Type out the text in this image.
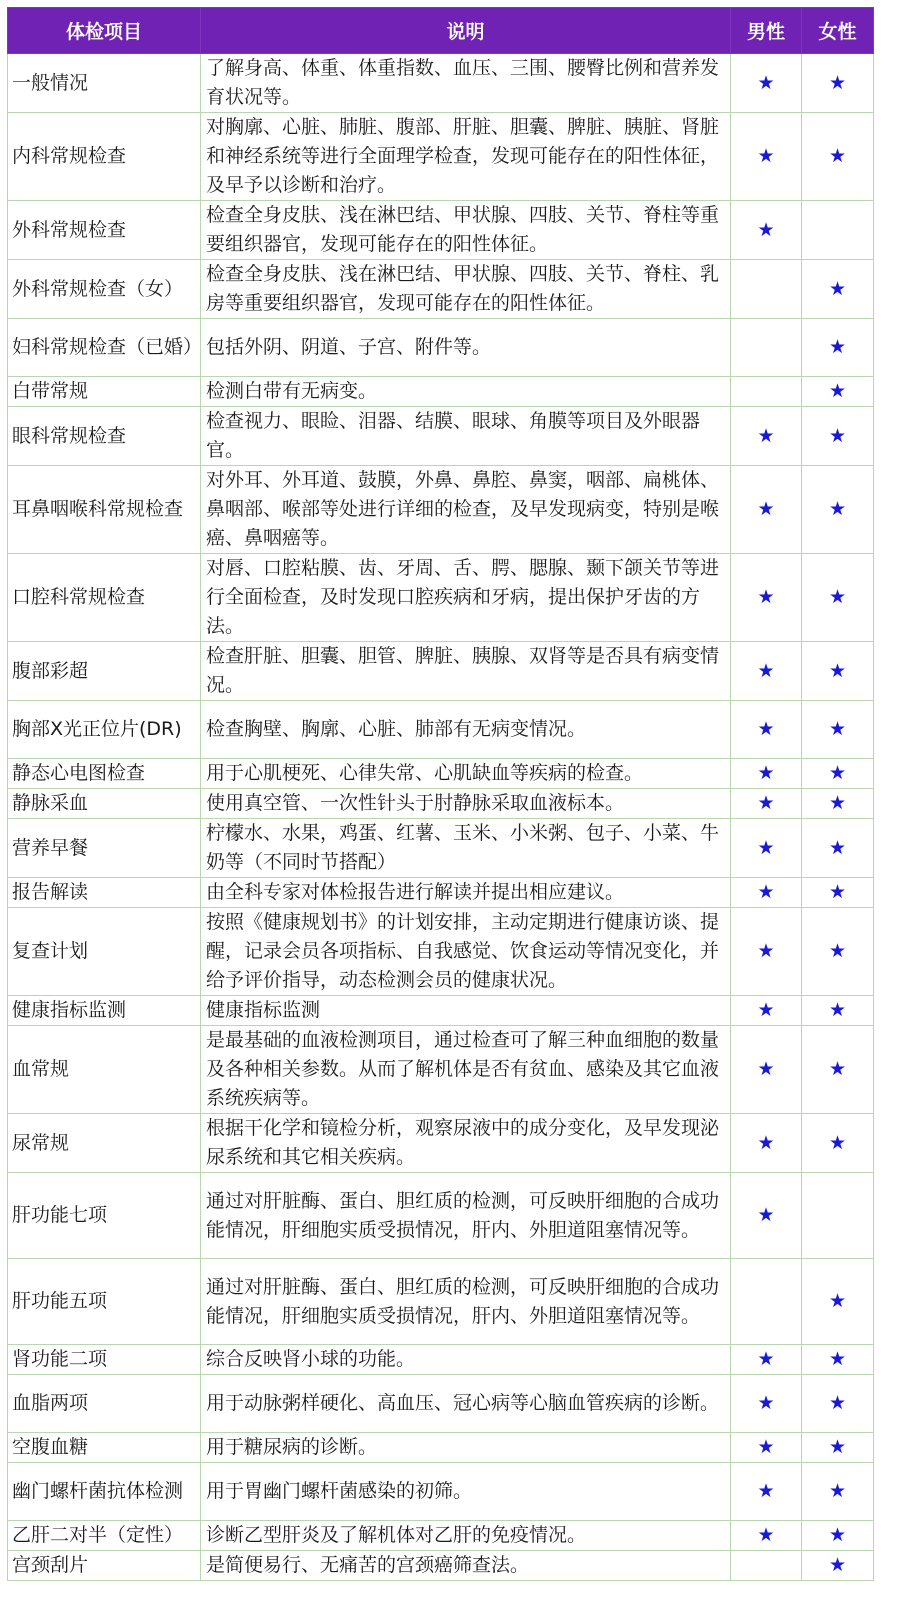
体检项目	说明	男性	女性
一般情况	了解身高、体重、体重指数、血压、三围、腰臀比例和营养发育状况等。	★	★
内科常规检查	对胸廓、心脏、肺脏、腹部、肝脏、胆囊、脾脏、胰脏、肾脏和神经系统等进行全面理学检查，发现可能存在的阳性体征，及早予以诊断和治疗。	★	★
外科常规检查	检查全身皮肤、浅在淋巴结、甲状腺、四肢、关节、脊柱等重要组织器官，发现可能存在的阳性体征。	★	
外科常规检查（女）	检查全身皮肤、浅在淋巴结、甲状腺、四肢、关节、脊柱、乳房等重要组织器官，发现可能存在的阳性体征。		★
妇科常规检查（已婚）	包括外阴、阴道、子宫、附件等。		★
白带常规	检测白带有无病变。		★
眼科常规检查	检查视力、眼睑、泪器、结膜、眼球、角膜等项目及外眼器官。	★	★
耳鼻咽喉科常规检查	对外耳、外耳道、鼓膜，外鼻、鼻腔、鼻窦，咽部、扁桃体、鼻咽部、喉部等处进行详细的检查，及早发现病变，特别是喉癌、鼻咽癌等。	★	★
口腔科常规检查	对唇、口腔粘膜、齿、牙周、舌、腭、腮腺、颞下颌关节等进行全面检查，及时发现口腔疾病和牙病，提出保护牙齿的方法。	★	★
腹部彩超	检查肝脏、胆囊、胆管、脾脏、胰腺、双肾等是否具有病变情况。	★	★
胸部X光正位片(DR)	检查胸壁、胸廓、心脏、肺部有无病变情况。	★	★
静态心电图检查	用于心肌梗死、心律失常、心肌缺血等疾病的检查。	★	★
静脉采血	使用真空管、一次性针头于肘静脉采取血液标本。	★	★
营养早餐	柠檬水、水果，鸡蛋、红薯、玉米、小米粥、包子、小菜、牛奶等（不同时节搭配）	★	★
报告解读	由全科专家对体检报告进行解读并提出相应建议。	★	★
复查计划	按照《健康规划书》的计划安排，主动定期进行健康访谈、提醒，记录会员各项指标、自我感觉、饮食运动等情况变化，并给予评价指导，动态检测会员的健康状况。	★	★
健康指标监测	健康指标监测	★	★
血常规	是最基础的血液检测项目，通过检查可了解三种血细胞的数量及各种相关参数。从而了解机体是否有贫血、感染及其它血液系统疾病等。	★	★
尿常规	根据干化学和镜检分析，观察尿液中的成分变化，及早发现泌尿系统和其它相关疾病。	★	★
肝功能七项	通过对肝脏酶、蛋白、胆红质的检测，可反映肝细胞的合成功能情况，肝细胞实质受损情况，肝内、外胆道阻塞情况等。	★	
肝功能五项	通过对肝脏酶、蛋白、胆红质的检测，可反映肝细胞的合成功能情况，肝细胞实质受损情况，肝内、外胆道阻塞情况等。		★
肾功能二项	综合反映肾小球的功能。	★	★
血脂两项	用于动脉粥样硬化、高血压、冠心病等心脑血管疾病的诊断。	★	★
空腹血糖	用于糖尿病的诊断。	★	★
幽门螺杆菌抗体检测	用于胃幽门螺杆菌感染的初筛。	★	★
乙肝二对半（定性）	诊断乙型肝炎及了解机体对乙肝的免疫情况。	★	★
宫颈刮片	是简便易行、无痛苦的宫颈癌筛查法。		★
